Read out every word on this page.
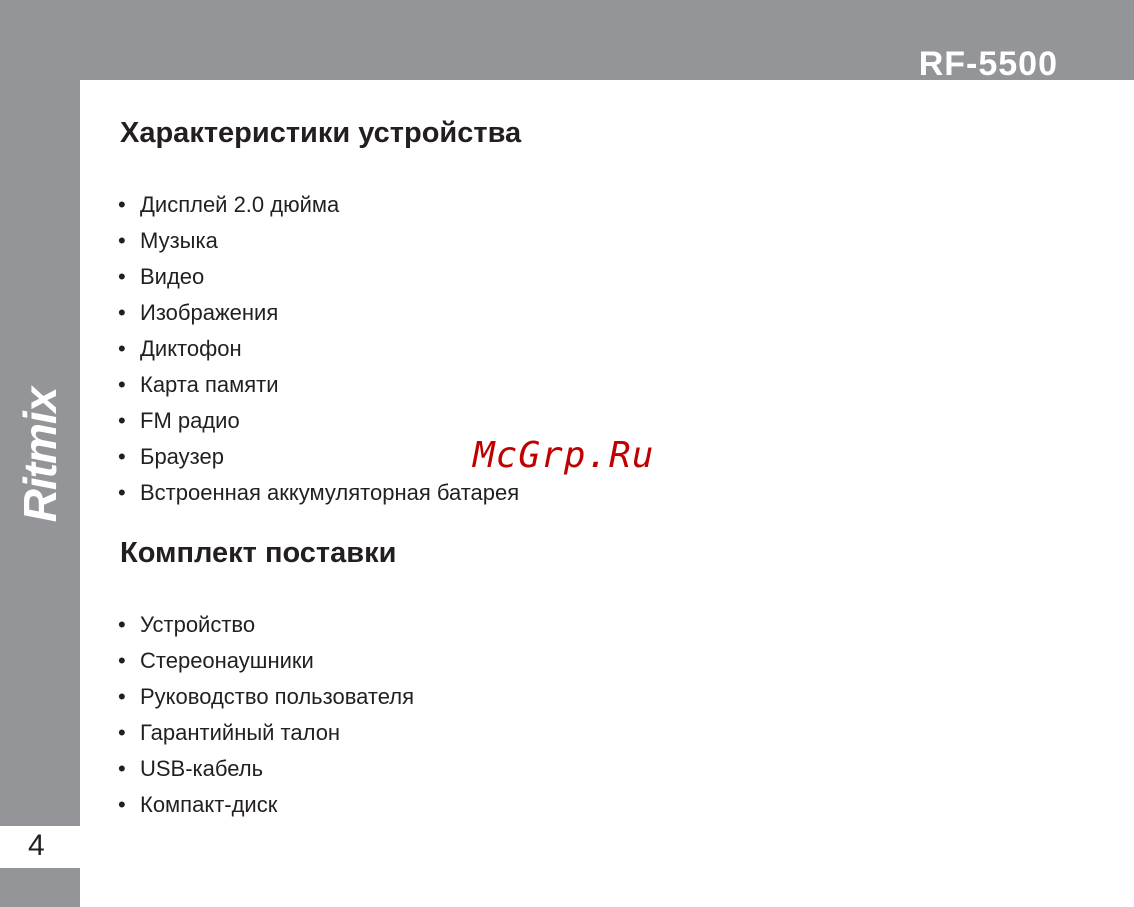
RF-5500
Ritmix
4
Характеристики устройства
• Дисплей 2.0 дюйма
• Музыка
• Видео
• Изображения
• Диктофон
• Карта памяти
• FM радио
• Браузер
• Встроенная аккумуляторная батарея
McGrp.Ru
Комплект поставки
• Устройство
• Стереонаушники
• Руководство пользователя
• Гарантийный талон
• USB-кабель
• Компакт-диск
